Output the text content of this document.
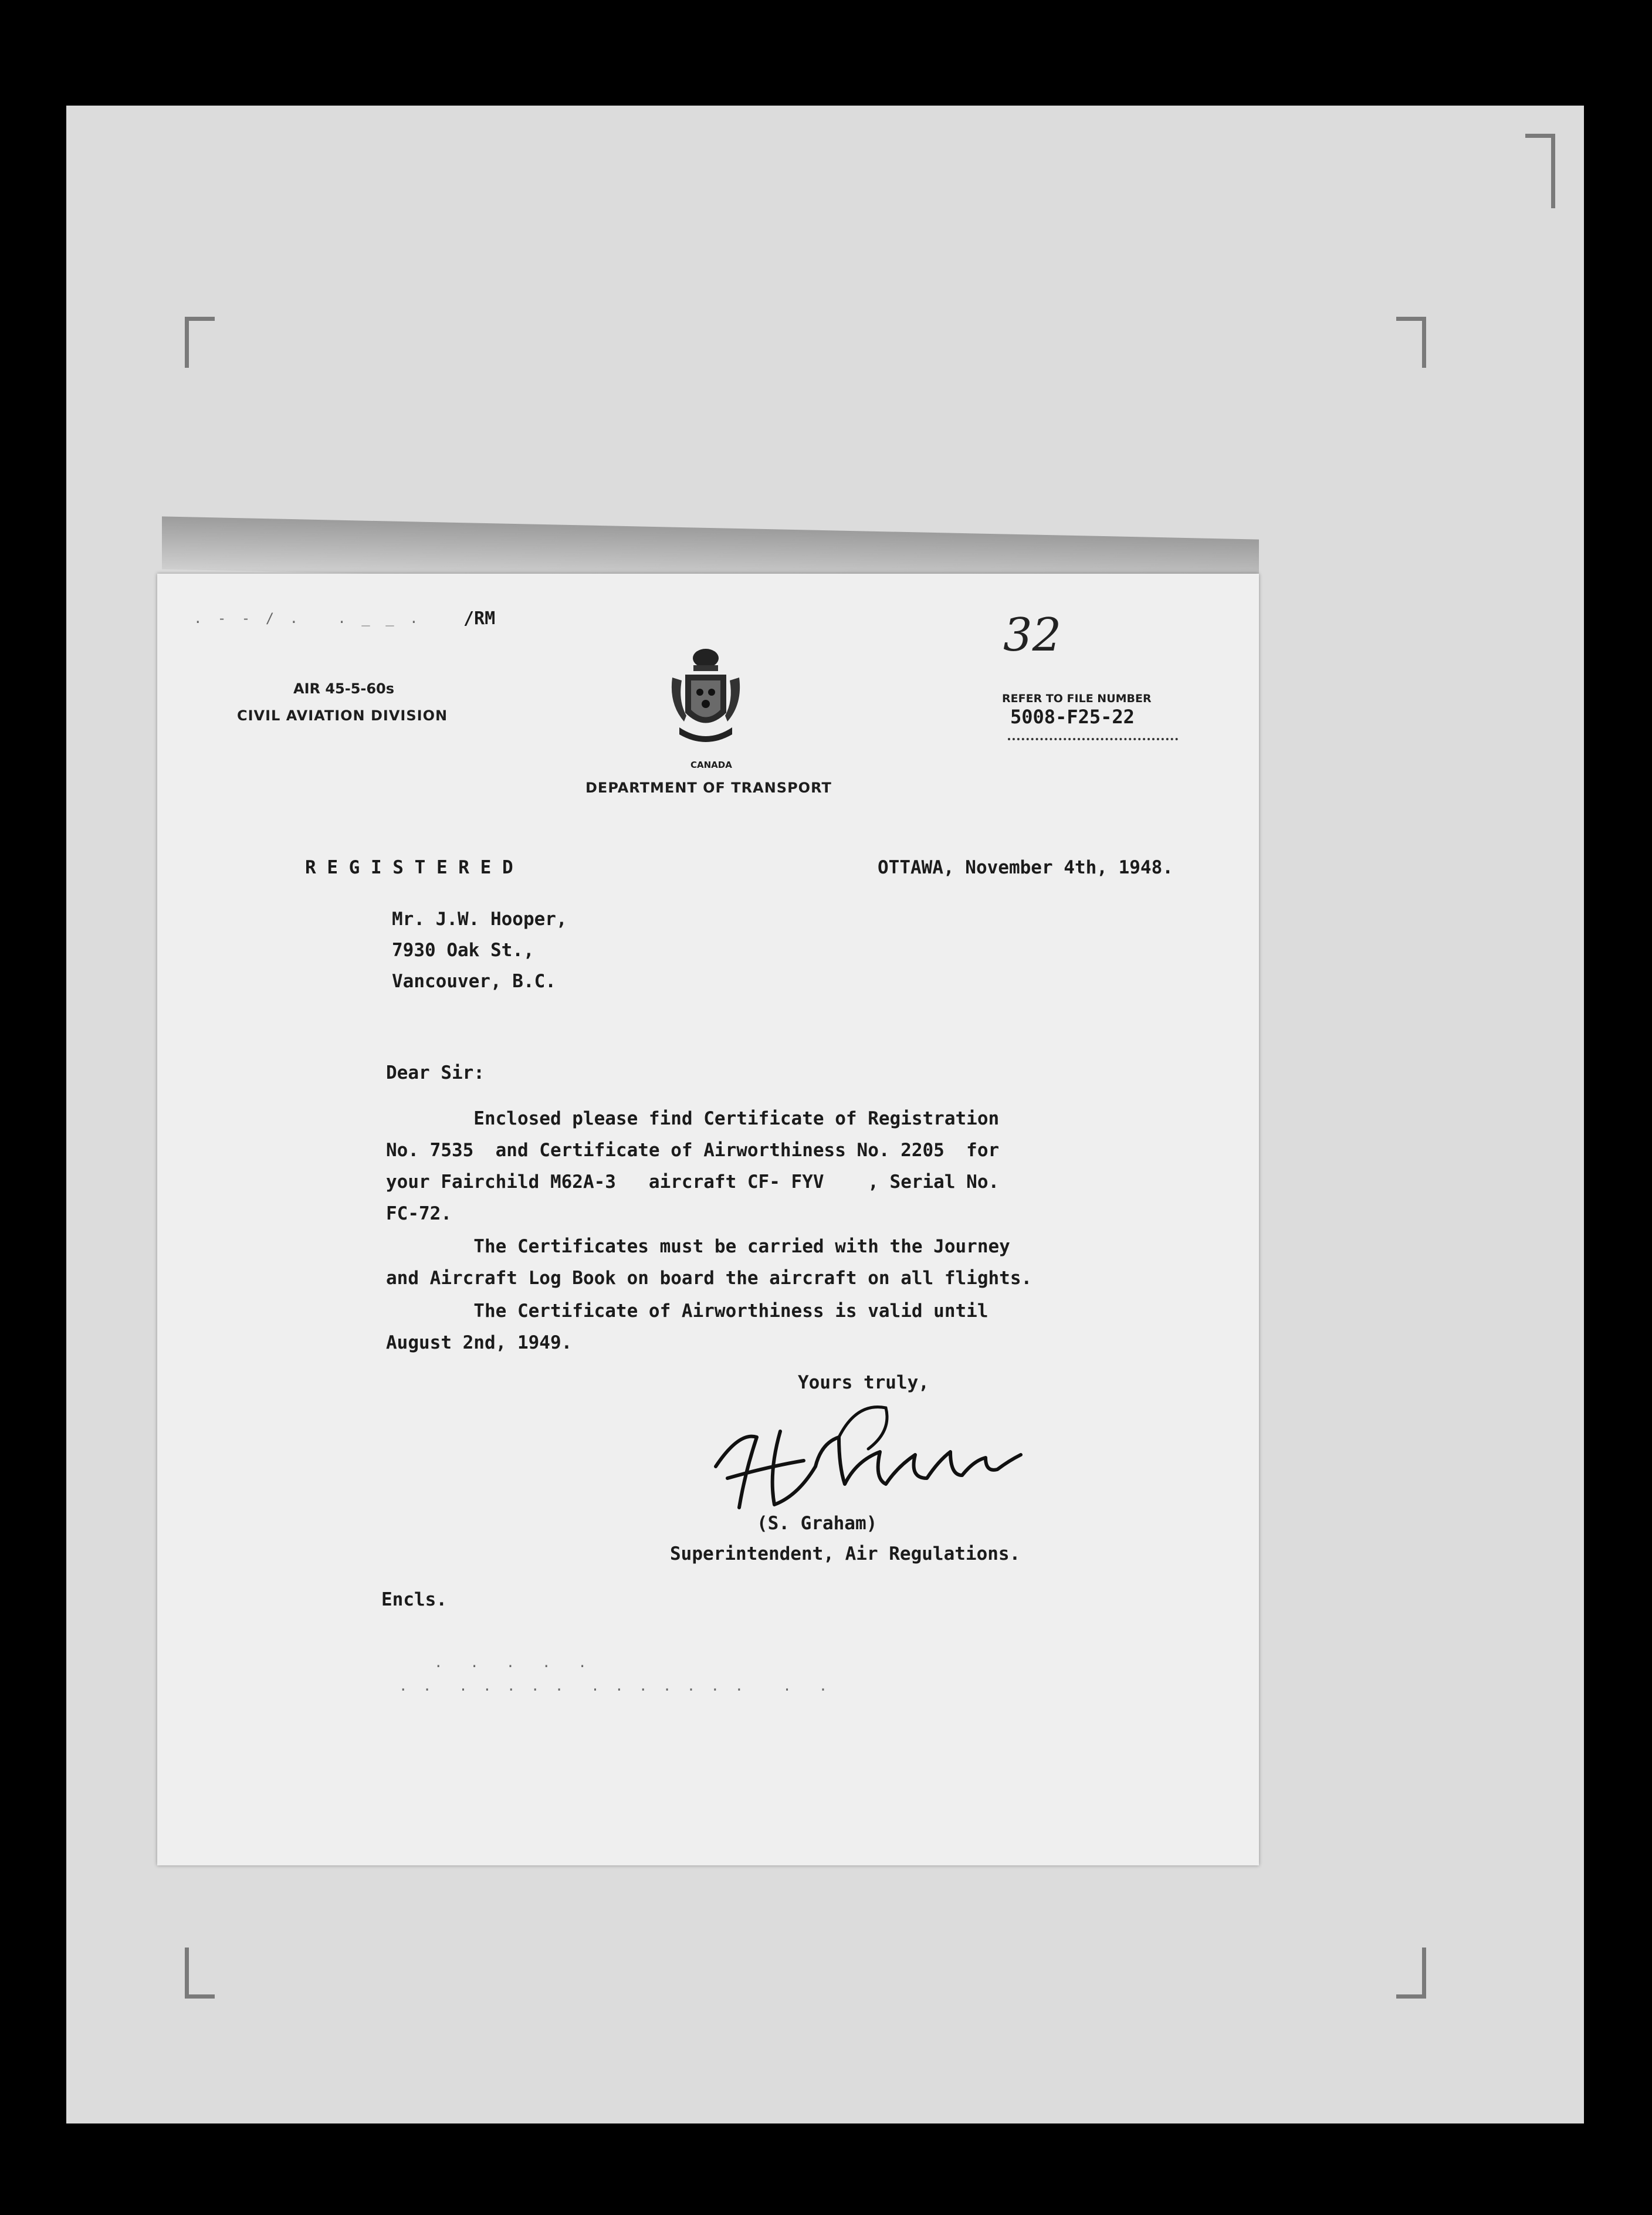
. - - / .   . _ _ . /RM
AIR 45-5-60s
CIVIL AVIATION DIVISION
CANADA
DEPARTMENT OF TRANSPORT
32
REFER TO FILE NUMBER
5008-F25-22
R E G I S T E R E D	OTTAWA, November 4th, 1948.
Mr. J.W. Hooper,
7930 Oak St.,
Vancouver, B.C.
Dear Sir:
Enclosed please find Certificate of Registration
No. 7535  and Certificate of Airworthiness No. 2205  for
your Fairchild M62A-3   aircraft CF- FYV    , Serial No.
FC-72.
The Certificates must be carried with the Journey
and Aircraft Log Book on board the aircraft on all flights.
The Certificate of Airworthiness is valid until
August 2nd, 1949.
Yours truly,
(S. Graham)
Superintendent, Air Regulations.
Encls.
.  .  .  .  .
. .  . . . . .  . . . . . . .   .  .
